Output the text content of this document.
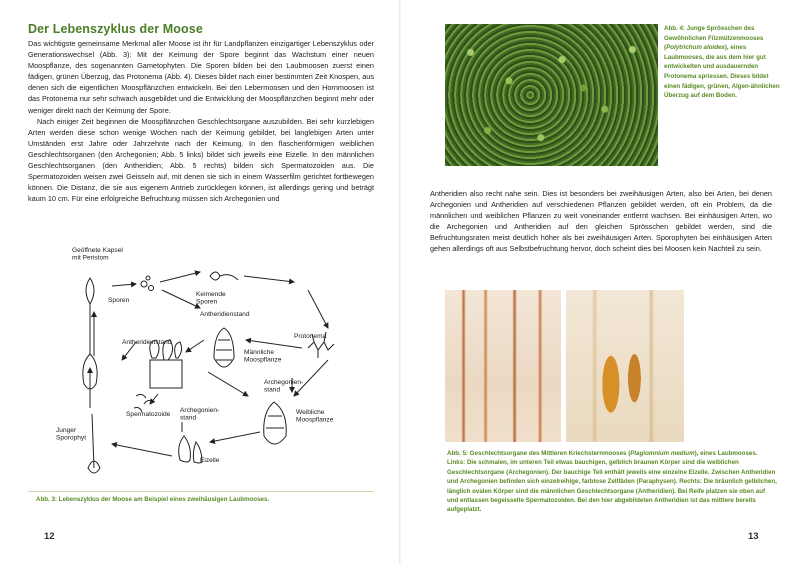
Der Lebenszyklus der Moose

Das wichtigste gemeinsame Merkmal aller Moose ist ihr für Landpflanzen einzigartiger Lebenszyklus oder Generationswechsel (Abb. 3): Mit der Keimung der Spore beginnt das Wachstum einer neuen Moospflanze, des sogenannten Gametophyten. Die Sporen bilden bei den Laubmoosen zuerst einen fädigen, grünen Überzug, das Protonema (Abb. 4). Dieses bildet nach einer bestimmten Zeit Knospen, aus denen sich die eigentlichen Moospflänzchen entwickeln. Bei den Lebermoosen und den Hornmoosen ist das Protonema nur sehr schwach ausgebildet und die Entwicklung der Moospflänzchen beginnt mehr oder weniger direkt nach der Keimung der Spore.

Nach einiger Zeit beginnen die Moospflänzchen Geschlechtsorgane auszubilden. Bei sehr kurzlebigen Arten werden diese schon wenige Wochen nach der Keimung gebildet, bei langlebigen Arten unter Umständen erst Jahre oder Jahrzehnte nach der Keimung. In den flaschenförmigen weiblichen Geschlechtsorganen (den Archegonien; Abb. 5 links) bildet sich jeweils eine Eizelle. In den männlichen Geschlechtsorganen (den Antheridien; Abb. 5 rechts) bilden sich Spermatozoiden aus. Die Spermatozoiden weisen zwei Geisseln auf, mit denen sie sich in einem Wasserfilm gerichtet fortbewegen können. Die Distanz, die sie aus eigenem Antrieb zurücklegen können, ist allerdings gering und beträgt kaum 10 cm. Für eine erfolgreiche Befruchtung müssen sich Archegonien und

Geöffnete Kapsel mit Peristom
Sporen
Keimende Sporen
Antheridienstand
Protonema
Antheridienstand
Männliche Moospflanze
Archegonien-stand
Spermatozoide
Archegonien-stand
Weibliche Moospflanze
Junger Sporophyt
Eizelle
Abb. 3: Lebenszyklus der Moose am Beispiel eines zweihäusigen Laubmooses.
12
Abb. 4: Junge Sprösschen des Gewöhnlichen Filzmützenmooses (Polytrichum aloides), eines Laubmooses, die aus dem hier gut entwickelten und ausdauernden Protonema spriessen. Dieses bildet einen fädigen, grünen, Algen-ähnlichen Überzug auf dem Boden.

Antheridien also recht nahe sein. Dies ist besonders bei zweihäusigen Arten, also bei Arten, bei denen Archegonien und Antheridien auf verschiedenen Pflanzen gebildet werden, oft ein Problem, da die männlichen und weiblichen Pflanzen zu weit voneinander entfernt wachsen. Bei einhäusigen Arten, wo die Archegonien und Antheridien auf den gleichen Sprösschen gebildet werden, sind die Befruchtungsraten meist deutlich höher als bei zweihäusigen Arten. Sporophyten bei einhäusigen Arten gehen allerdings oft aus Selbstbefruchtung hervor, doch scheint dies bei Moosen kein Nachteil zu sein.

Abb. 5: Geschlechtsorgane des Mittleren Kriechsternmooses (Plagiomnium medium), eines Laubmooses. Links: Die schmalen, im unteren Teil etwas bauchigen, gelblich braunen Körper sind die weiblichen Geschlechtsorgane (Archegonien). Der bauchige Teil enthält jeweils eine einzelne Eizelle. Zwischen Antheridien und Archegonien befinden sich einzelreihige, farblose Zellfäden (Paraphysen). Rechts: Die bräunlich gelblichen, länglich ovalen Körper sind die männlichen Geschlechtsorgane (Antheridien). Bei Reife platzen sie oben auf und entlassen begeisselte Spermatozoiden. Bei den hier abgebildeten Antheridien ist das mittlere bereits aufgeplatzt.
13
